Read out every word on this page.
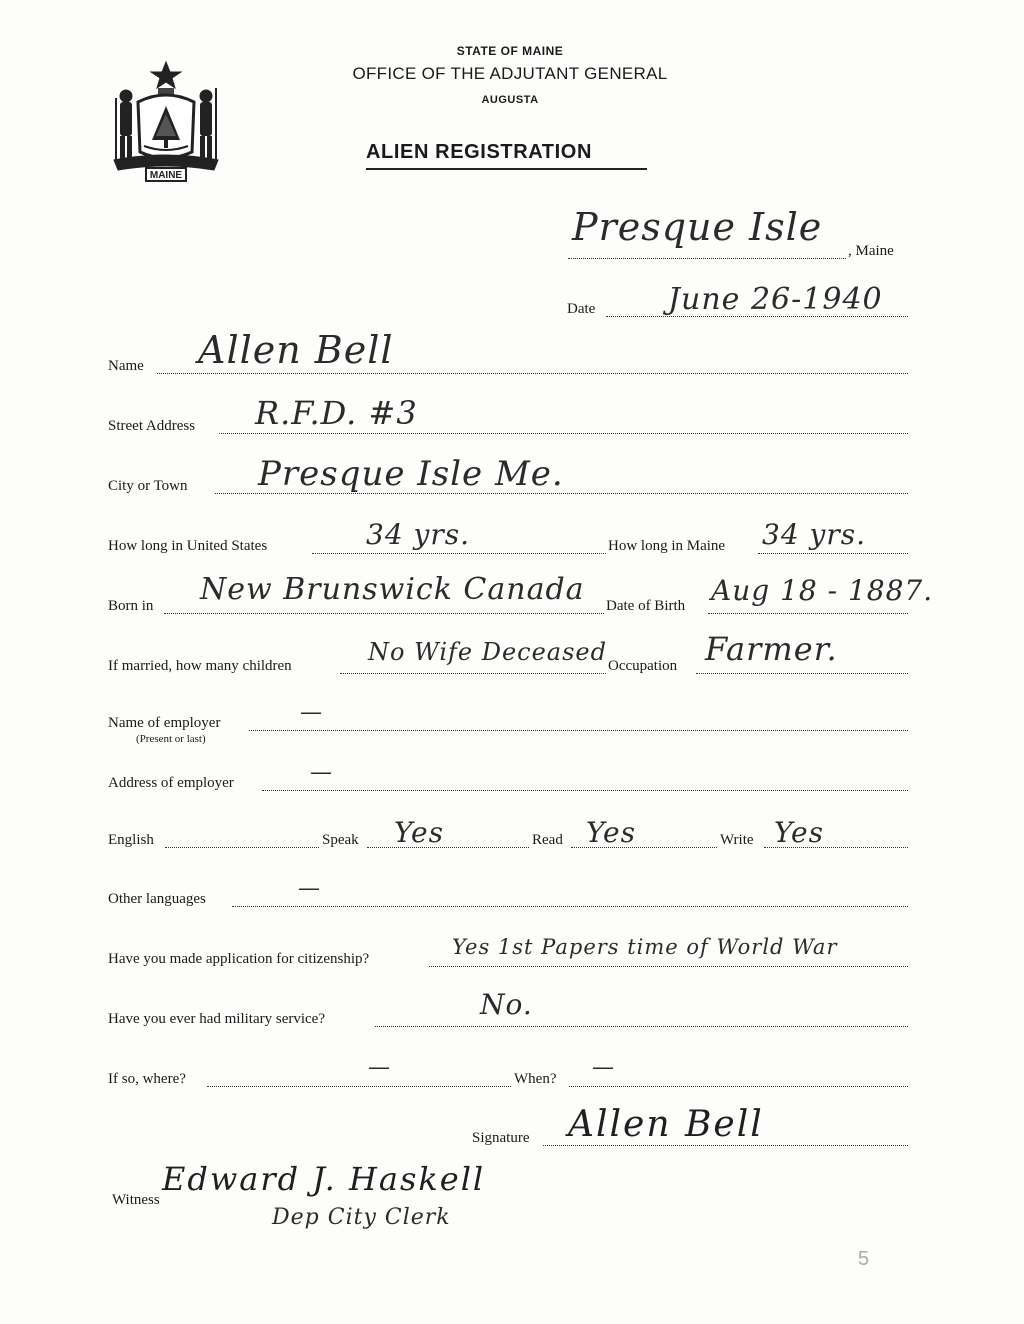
MAINE
STATE OF MAINE
OFFICE OF THE ADJUTANT GENERAL
AUGUSTA
ALIEN REGISTRATION
Presque Isle
, Maine
Date June 26-1940
Name Allen Bell
Street Address R.F.D. #3
City or Town Presque Isle Me.
How long in United States	34 yrs.	How long in Maine 34 yrs.
Born in New Brunswick Canada Date of Birth Aug 18 - 1887.
If married, how many children	No Wife Deceased Occupation Farmer.
Name of employer
(Present or last)
—
Address of employer	—
English	Speak Yes	Read Yes	Write Yes
Other languages	—
Have you made application for citizenship?	Yes 1st Papers time of World War
Have you ever had military service?	No.
If so, where?	—	When? —
Signature Allen Bell
Witness
Edward J. Haskell
Dep City Clerk
5
